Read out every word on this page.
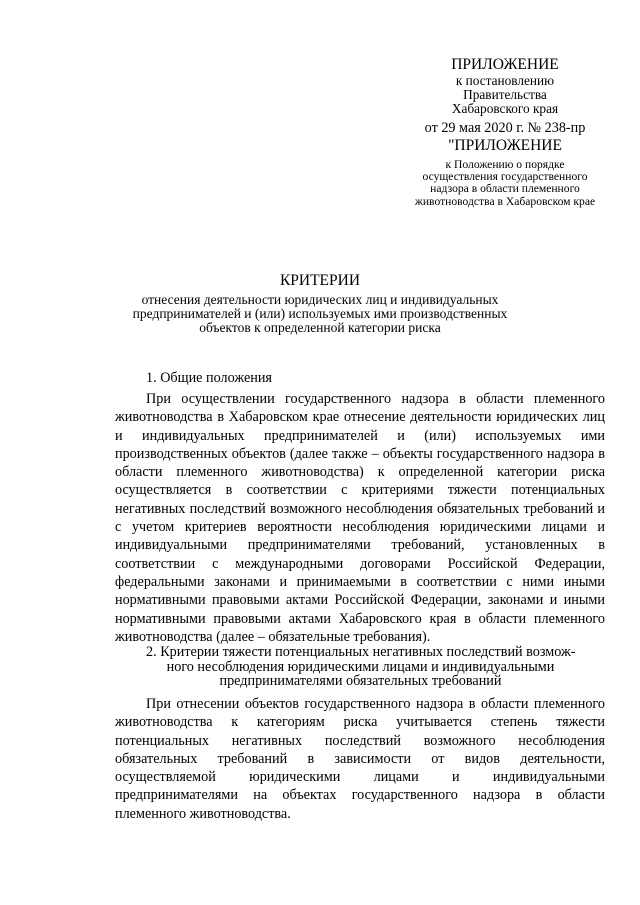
ПРИЛОЖЕНИЕ
к постановлению
Правительства
Хабаровского края
от 29 мая 2020 г. № 238-пр
"ПРИЛОЖЕНИЕ
к Положению о порядке
осуществления государственного
надзора в области племенного
животноводства в Хабаровском крае
КРИТЕРИИ
отнесения деятельности юридических лиц и индивидуальных
предпринимателей и (или) используемых ими производственных
объектов к определенной категории риска
1. Общие положения

При осуществлении государственного надзора в области племенного животноводства в Хабаровском крае отнесение деятельности юридических лиц и индивидуальных предпринимателей и (или) используемых ими производственных объектов (далее также – объекты государственного надзора в области племенного животноводства) к определенной категории риска осуществляется в соответствии с критериями тяжести потенциальных негативных последствий возможного несоблюдения обязательных требований и с учетом критериев вероятности несоблюдения юридическими лицами и индивидуальными предпринимателями требований, установленных в соответствии с международными договорами Российской Федерации, федеральными законами и принимаемыми в соответствии с ними иными нормативными правовыми актами Российской Федерации, законами и иными нормативными правовыми актами Хабаровского края в области племенного животноводства (далее – обязательные требования).

2. Критерии тяжести потенциальных негативных последствий возмож-
ного несоблюдения юридическими лицами и индивидуальными
предпринимателями обязательных требований

При отнесении объектов государственного надзора в области племенного животноводства к категориям риска учитывается степень тяжести потенциальных негативных последствий возможного несоблюдения обязательных требований в зависимости от видов деятельности, осуществляемой юридическими лицами и индивидуальными предпринимателями на объектах государственного надзора в области племенного животноводства.
